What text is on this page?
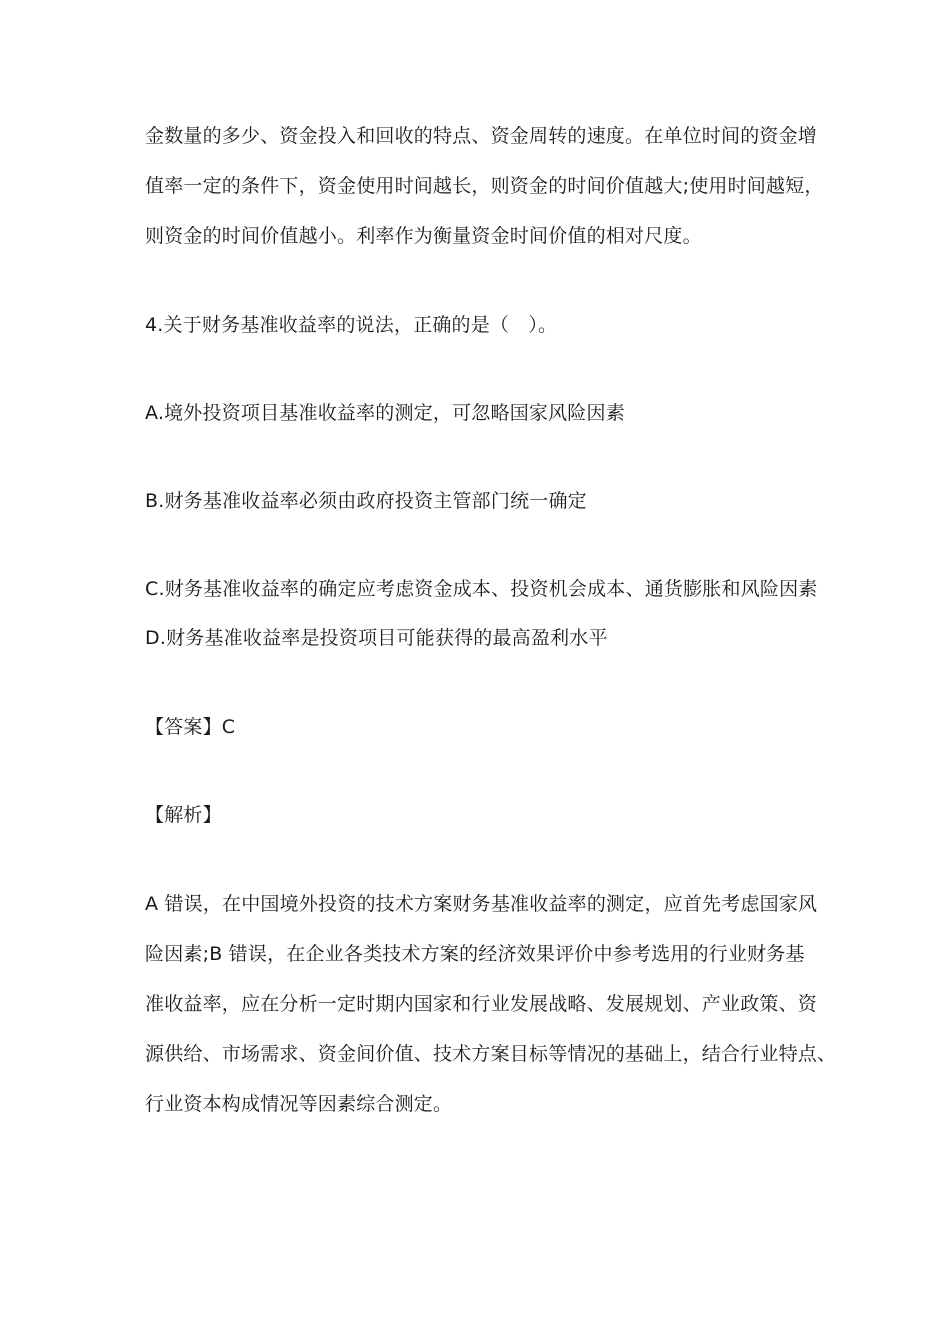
金数量的多少、资金投入和回收的特点、资金周转的速度。在单位时间的资金增
值率一定的条件下，资金使用时间越长，则资金的时间价值越大;使用时间越短，
则资金的时间价值越小。利率作为衡量资金时间价值的相对尺度。
4.关于财务基准收益率的说法，正确的是（　）。
A.境外投资项目基准收益率的测定，可忽略国家风险因素
B.财务基准收益率必须由政府投资主管部门统一确定
C.财务基准收益率的确定应考虑资金成本、投资机会成本、通货膨胀和风险因素
D.财务基准收益率是投资项目可能获得的最高盈利水平
【答案】C
【解析】
A 错误，在中国境外投资的技术方案财务基准收益率的测定，应首先考虑国家风
险因素;B 错误，在企业各类技术方案的经济效果评价中参考选用的行业财务基
准收益率，应在分析一定时期内国家和行业发展战略、发展规划、产业政策、资
源供给、市场需求、资金间价值、技术方案目标等情况的基础上，结合行业特点、
行业资本构成情况等因素综合测定。
